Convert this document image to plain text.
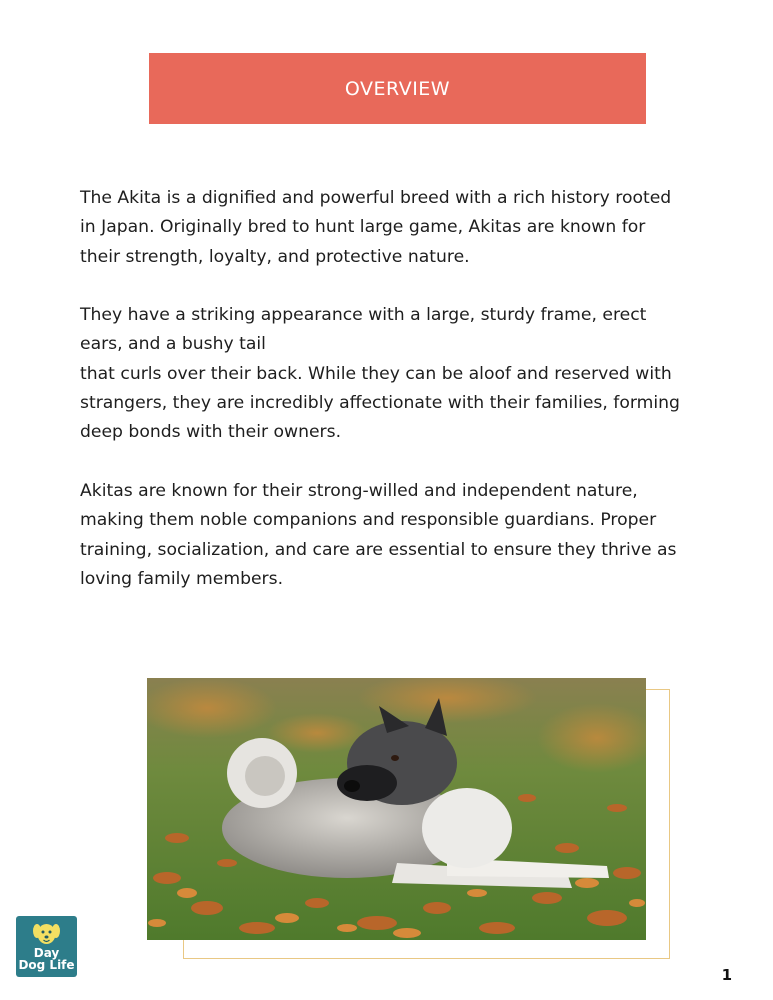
OVERVIEW

The Akita is a dignified and powerful breed with a rich history rooted
in Japan. Originally bred to hunt large game, Akitas are known for
their strength, loyalty, and protective nature.

They have a striking appearance with a large, sturdy frame, erect
ears, and a bushy tail
that curls over their back. While they can be aloof and reserved with
strangers, they are incredibly affectionate with their families, forming
deep bonds with their owners.

Akitas are known for their strong-willed and independent nature,
making them noble companions and responsible guardians. Proper
training, socialization, and care are essential to ensure they thrive as
loving family members.

Day
Dog Life
1
